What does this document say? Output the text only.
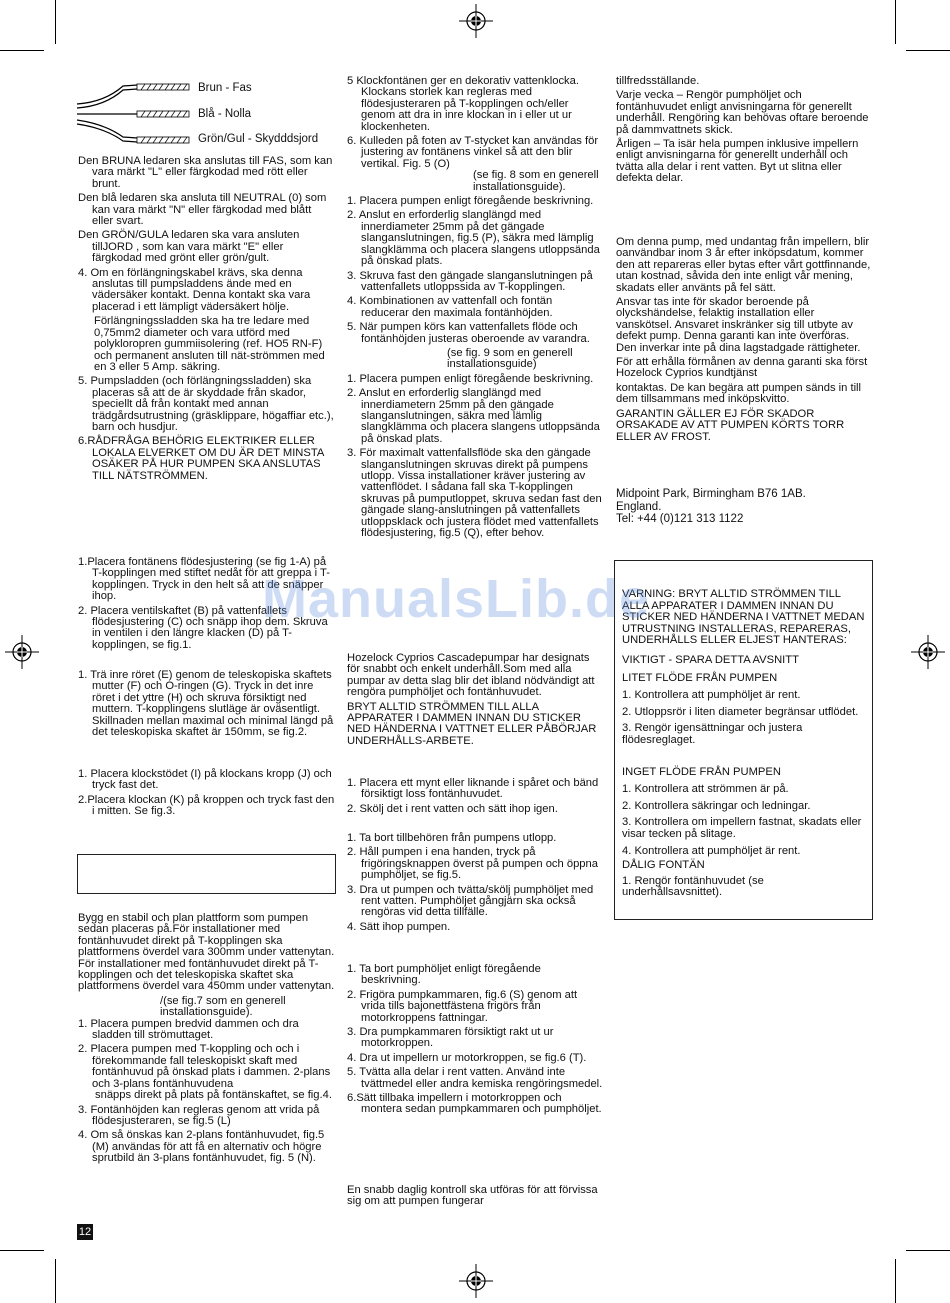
Brun - Fas
Blå - Nolla
Grön/Gul - Skydddsjord

Den BRUNA ledaren ska anslutas till FAS, som kan vara märkt "L" eller färgkodad med rött eller brunt.

Den blå ledaren ska ansluta till NEUTRAL (0) som kan vara märkt "N" eller färgkodad med blått eller svart.

Den GRÖN/GULA ledaren ska vara ansluten tillJORD , som kan vara märkt "E" eller färgkodad med grönt eller grön/gult.

4. Om en förlängningskabel krävs, ska denna anslutas till pumpsladdens ände med en vädersäker kontakt. Denna kontakt ska vara placerad i ett lämpligt vädersäkert hölje.

Förlängningssladden ska ha tre ledare med 0,75mm2 diameter och vara utförd med polykloropren gummiisolering (ref. HO5 RN-F) och permanent ansluten till nät-strömmen med en 3 eller 5 Amp. säkring.

5. Pumpsladden (och förlängningssladden) ska placeras så att de är skyddade från skador, speciellt då från kontakt med annan trädgårdsutrustning (gräsklippare, högaffiar etc.), barn och husdjur.

6.RÅDFRÅGA BEHÖRIG ELEKTRIKER ELLER LOKALA ELVERKET OM DU ÄR DET MINSTA OSÄKER PÅ HUR PUMPEN SKA ANSLUTAS TILL NÄTSTRÖMMEN.

1.Placera fontänens flödesjustering (se fig 1-A) på T-kopplingen med stiftet nedåt för att greppa i T-kopplingen. Tryck in den helt så att de snäpper ihop.

2. Placera ventilskaftet (B) på vattenfallets flödesjustering (C) och snäpp ihop dem. Skruva in ventilen i den längre klacken (D) på T-kopplingen, se fig.1.

1. Trä inre röret (E) genom de teleskopiska skaftets mutter (F) och O-ringen (G). Tryck in det inre röret i det yttre (H) och skruva försiktigt ned muttern. T-kopplingens slutläge är oväsentligt. Skillnaden mellan maximal och minimal längd på det teleskopiska skaftet är 150mm, se fig.2.

1. Placera klockstödet (I) på klockans kropp (J) och tryck fast det.

2.Placera klockan (K) på kroppen och tryck fast den i mitten. Se fig.3.

Bygg en stabil och plan plattform som pumpen sedan placeras på.För installationer med fontänhuvudet direkt på T-kopplingen ska plattformens överdel vara 300mm under vattenytan. För installationer med fontänhuvudet direkt på T-kopplingen och det teleskopiska skaftet ska plattformens överdel vara 450mm under vattenytan.

/(se fig.7 som en generell installationsguide).

1. Placera pumpen bredvid dammen och dra sladden till strömuttaget.

2. Placera pumpen med T-koppling och och i förekommande fall teleskopiskt skaft med fontänhuvud på önskad plats i dammen. 2-plans och 3-plans fontänhuvudena

snäpps direkt på plats på fontänskaftet, se fig.4.

3. Fontänhöjden kan regleras genom att vrida på flödesjusteraren, se fig.5 (L)

4. Om så önskas kan 2-plans fontänhuvudet, fig.5 (M) användas för att få en alternativ och högre sprutbild än 3-plans fontänhuvudet, fig. 5 (N).

12

5 Klockfontänen ger en dekorativ vattenklocka. Klockans storlek kan regleras med flödesjusteraren på T-kopplingen och/eller genom att dra in inre klockan in i eller ut ur klockenheten.

6. Kulleden på foten av T-stycket kan användas för justering av fontänens vinkel så att den blir vertikal. Fig. 5 (O)

(se fig. 8 som en generell installationsguide).

1. Placera pumpen enligt föregående beskrivning.

2. Anslut en erforderlig slanglängd med innerdiameter 25mm på det gängade slanganslutningen, fig.5 (P), säkra med lämplig slangklämma och placera slangens utloppsända på önskad plats.

3. Skruva fast den gängade slanganslutningen på vattenfallets utloppssida av T-kopplingen.

4. Kombinationen av vattenfall och fontän reducerar den maximala fontänhöjden.

5. När pumpen körs kan vattenfallets flöde och fontänhöjden justeras oberoende av varandra.

(se fig. 9 som en generell installationsguide)

1. Placera pumpen enligt föregående beskrivning.

2. Anslut en erforderlig slanglängd med innerdiametern 25mm på den gängade slanganslutningen, säkra med lämlig slangklämma och placera slangens utloppsända på önskad plats.

3. För maximalt vattenfallsflöde ska den gängade slanganslutningen skruvas direkt på pumpens utlopp. Vissa installationer kräver justering av vattenflödet. I sådana fall ska T-kopplingen skruvas på pumputloppet, skruva sedan fast den gängade slang-anslutningen på vattenfallets utloppsklack och justera flödet med vattenfallets flödesjustering, fig.5 (Q), efter behov.

Hozelock Cyprios Cascadepumpar har designats för snabbt och enkelt underhåll.Som med alla pumpar av detta slag blir det ibland nödvändigt att rengöra pumphöljet och fontänhuvudet.

BRYT ALLTID STRÖMMEN TILL ALLA APPARATER I DAMMEN INNAN DU STICKER NED HÄNDERNA I VATTNET ELLER PÅBÖRJAR UNDERHÅLLS-ARBETE.

1. Placera ett mynt eller liknande i spåret och bänd försiktigt loss fontänhuvudet.

2. Skölj det i rent vatten och sätt ihop igen.

1. Ta bort tillbehören från pumpens utlopp.

2. Håll pumpen i ena handen, tryck på frigöringsknappen överst på pumpen och öppna pumphöljet, se fig.5.

3. Dra ut pumpen och tvätta/skölj pumphöljet med rent vatten. Pumphöljet gångjärn ska också rengöras vid detta tillfälle.

4. Sätt ihop pumpen.

1. Ta bort pumphöljet enligt föregående beskrivning.

2. Frigöra pumpkammaren, fig.6 (S) genom att vrida tills bajonettfästena frigörs från motorkroppens fattningar.

3. Dra pumpkammaren försiktigt rakt ut ur motorkroppen.

4. Dra ut impellern ur motorkroppen, se fig.6 (T).

5. Tvätta alla delar i rent vatten. Använd inte tvättmedel eller andra kemiska rengöringsmedel.

6.Sätt tillbaka impellern i motorkroppen och montera sedan pumpkammaren och pumphöljet.

En snabb daglig kontroll ska utföras för att förvissa sig om att pumpen fungerar

tillfredsställande.

Varje vecka – Rengör pumphöljet och fontänhuvudet enligt anvisningarna för generellt underhåll. Rengöring kan behövas oftare beroende på dammvattnets skick.

Årligen – Ta isär hela pumpen inklusive impellern enligt anvisningarna för generellt underhåll och tvätta alla delar i rent vatten. Byt ut slitna eller defekta delar.

Om denna pump, med undantag från impellern, blir oanvändbar inom 3 år efter inköpsdatum, kommer den att repareras eller bytas efter vårt gottfinnande, utan kostnad, såvida den inte enligt vår mening, skadats eller använts på fel sätt.

Ansvar tas inte för skador beroende på olyckshändelse, felaktig installation eller vanskötsel. Ansvaret inskränker sig till utbyte av defekt pump. Denna garanti kan inte överföras. Den inverkar inte på dina lagstadgade rättigheter.

För att erhålla förmånen av denna garanti ska först Hozelock Cyprios kundtjänst

kontaktas. De kan begära att pumpen sänds in till dem tillsammans med inköpskvitto.

GARANTIN GÄLLER EJ FÖR SKADOR ORSAKADE AV ATT PUMPEN KÖRTS TORR ELLER AV FROST.

Midpoint Park, Birmingham B76 1AB.
England.
Tel: +44 (0)121 313 1122

VARNING: BRYT ALLTID STRÖMMEN TILL ALLA APPARATER I DAMMEN INNAN DU STICKER NED HÄNDERNA I VATTNET MEDAN UTRUSTNING INSTALLERAS, REPARERAS, UNDERHÅLLS ELLER ELJEST HANTERAS:

VIKTIGT - SPARA DETTA AVSNITT

LITET FLÖDE FRÅN PUMPEN

1. Kontrollera att pumphöljet är rent.

2. Utloppsrör i liten diameter begränsar utflödet.

3. Rengör igensättningar och justera flödesreglaget.

INGET FLÖDE FRÅN PUMPEN

1. Kontrollera att strömmen är på.

2. Kontrollera säkringar och ledningar.

3. Kontrollera om impellern fastnat, skadats eller visar tecken på slitage.

4. Kontrollera att pumphöljet är rent.

DÅLIG FONTÄN

1. Rengör fontänhuvudet (se underhållsavsnittet).

ManualsLib.de
